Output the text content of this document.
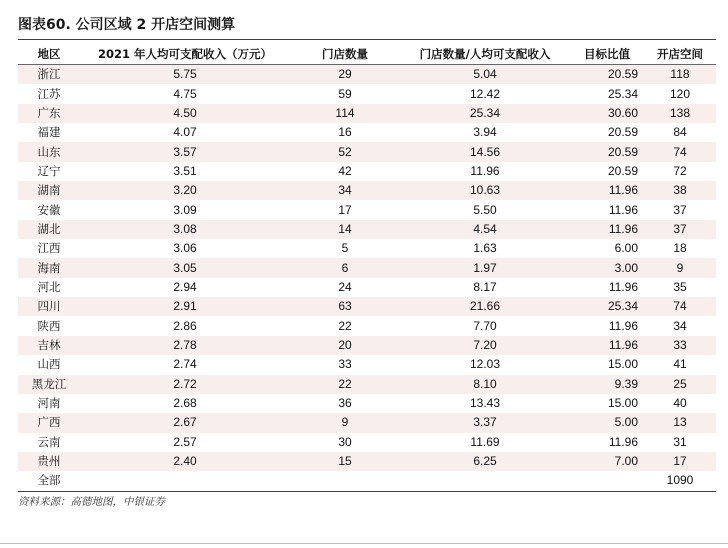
图表60. 公司区域 2 开店空间测算
地区	2021 年人均可支配收入（万元）	门店数量	门店数量/人均可支配收入	目标比值	开店空间
浙江	5.75	29	5.04	20.59	118
江苏	4.75	59	12.42	25.34	120
广东	4.50	114	25.34	30.60	138
福建	4.07	16	3.94	20.59	84
山东	3.57	52	14.56	20.59	74
辽宁	3.51	42	11.96	20.59	72
湖南	3.20	34	10.63	11.96	38
安徽	3.09	17	5.50	11.96	37
湖北	3.08	14	4.54	11.96	37
江西	3.06	5	1.63	6.00	18
海南	3.05	6	1.97	3.00	9
河北	2.94	24	8.17	11.96	35
四川	2.91	63	21.66	25.34	74
陕西	2.86	22	7.70	11.96	34
吉林	2.78	20	7.20	11.96	33
山西	2.74	33	12.03	15.00	41
黑龙江	2.72	22	8.10	9.39	25
河南	2.68	36	13.43	15.00	40
广西	2.67	9	3.37	5.00	13
云南	2.57	30	11.69	11.96	31
贵州	2.40	15	6.25	7.00	17
全部					1090
资料来源：高德地图，中银证券
